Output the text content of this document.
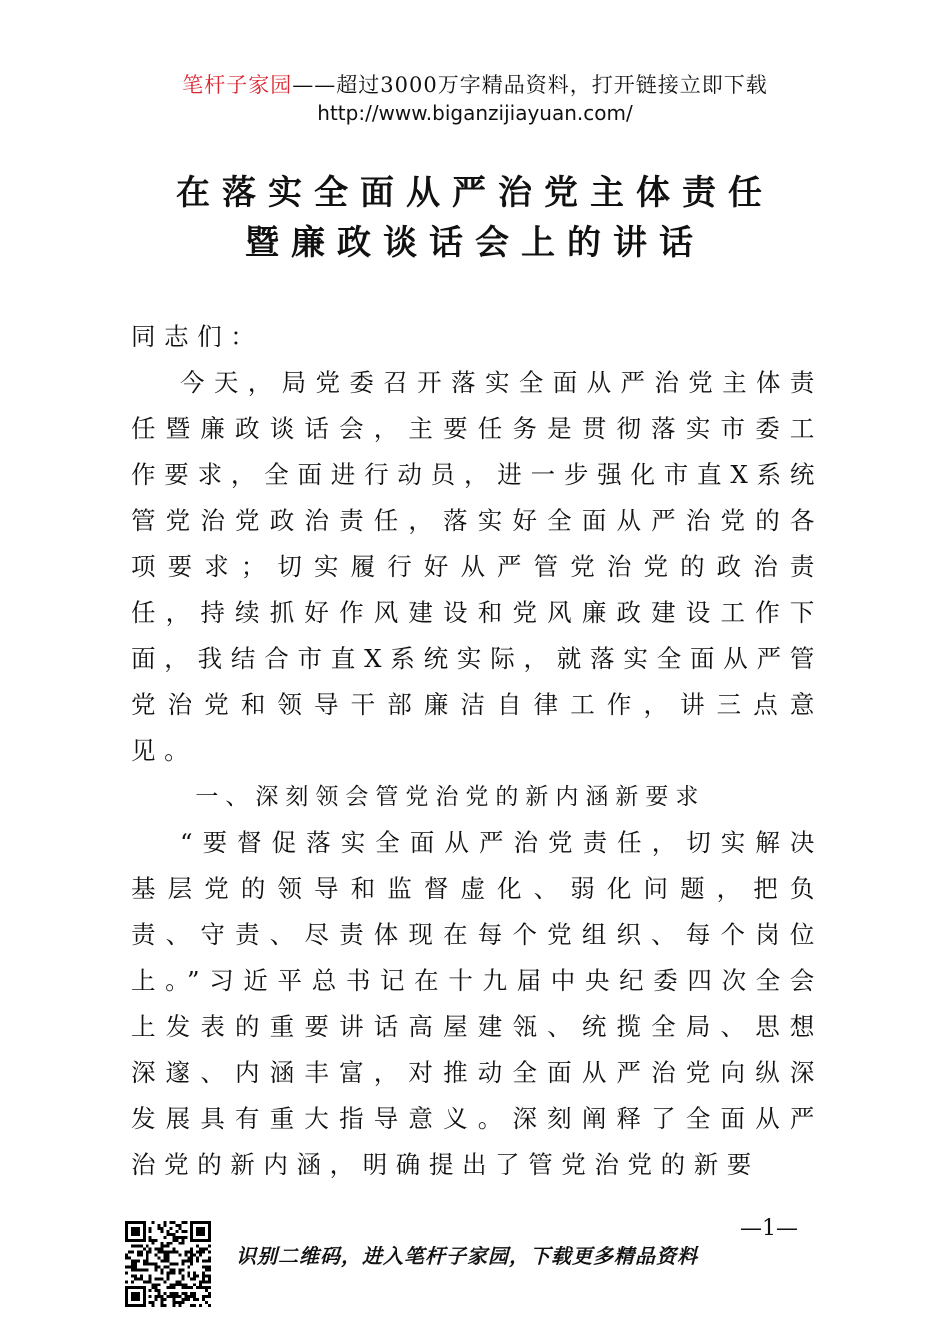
笔杆子家园——超过3000万字精品资料，打开链接立即下载
http://www.biganzijiayuan.com/
在落实全面从严治党主体责任
暨廉政谈话会上的讲话

同志们：

今天，局党委召开落实全面从严治党主体责任暨廉政谈话会，主要任务是贯彻落实市委工作要求，全面进行动员，进一步强化市直X系统管党治党政治责任，落实好全面从严治党的各项要求；切实履行好从严管党治党的政治责任，持续抓好作风建设和党风廉政建设工作下面，我结合市直X系统实际，就落实全面从严管党治党和领导干部廉洁自律工作，讲三点意见。

一、深刻领会管党治党的新内涵新要求

“要督促落实全面从严治党责任，切实解决基层党的领导和监督虚化、弱化问题，把负责、守责、尽责体现在每个党组织、每个岗位上。”习近平总书记在十九届中央纪委四次全会上发表的重要讲话高屋建瓴、统揽全局、思想深邃、内涵丰富，对推动全面从严治党向纵深发展具有重大指导意义。深刻阐释了全面从严治党的新内涵，明确提出了管党治党的新要

识别二维码，进入笔杆子家园，下载更多精品资料
—1—
